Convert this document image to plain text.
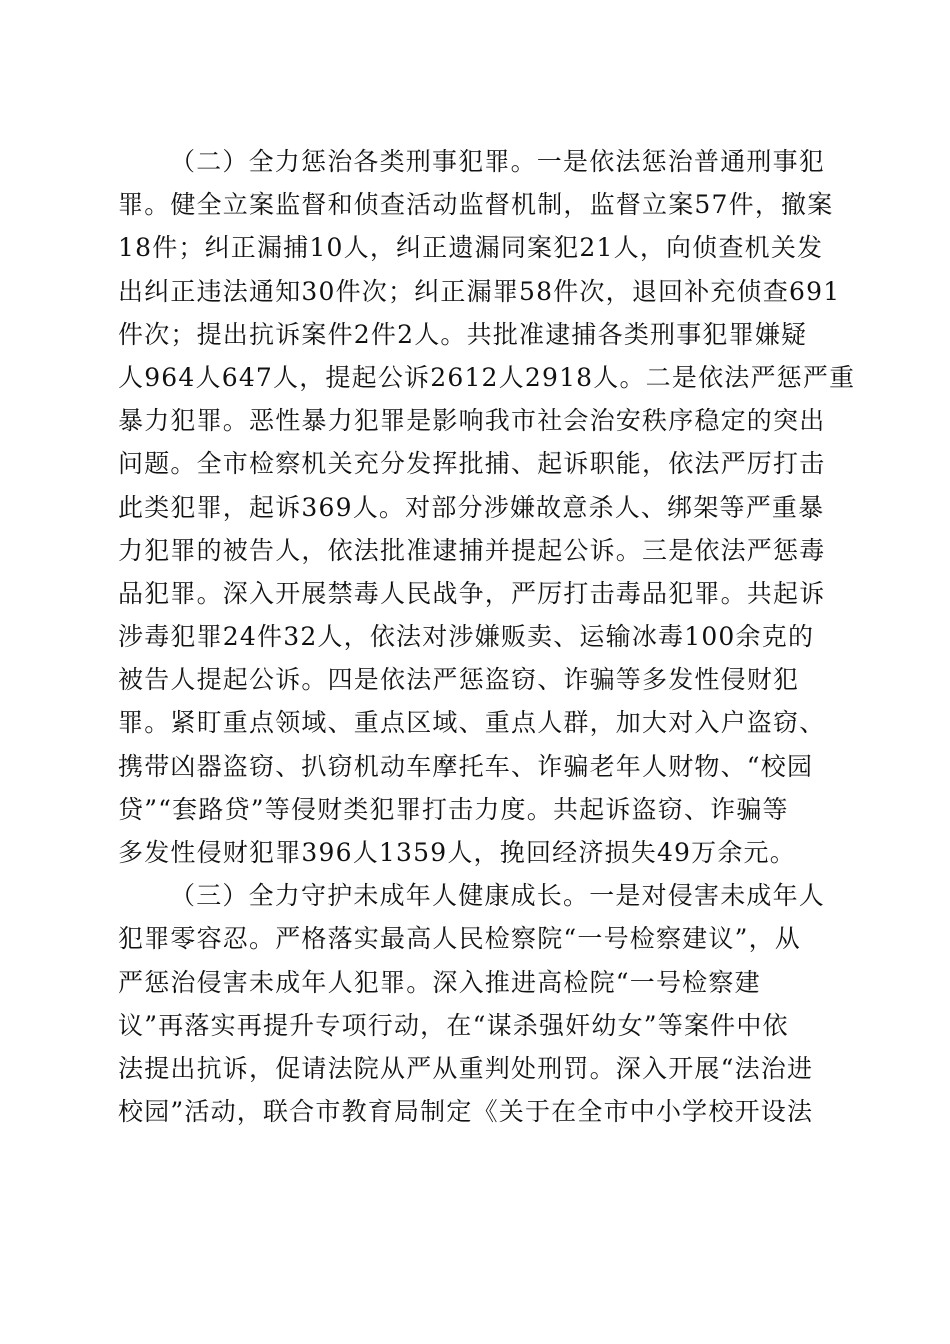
（二）全力惩治各类刑事犯罪。一是依法惩治普通刑事犯
罪。健全立案监督和侦查活动监督机制，监督立案57件，撤案
18件；纠正漏捕10人，纠正遗漏同案犯21人，向侦查机关发
出纠正违法通知30件次；纠正漏罪58件次，退回补充侦查691
件次；提出抗诉案件2件2人。共批准逮捕各类刑事犯罪嫌疑
人964人647人，提起公诉2612人2918人。二是依法严惩严重
暴力犯罪。恶性暴力犯罪是影响我市社会治安秩序稳定的突出
问题。全市检察机关充分发挥批捕、起诉职能，依法严厉打击
此类犯罪，起诉369人。对部分涉嫌故意杀人、绑架等严重暴
力犯罪的被告人，依法批准逮捕并提起公诉。三是依法严惩毒
品犯罪。深入开展禁毒人民战争，严厉打击毒品犯罪。共起诉
涉毒犯罪24件32人，依法对涉嫌贩卖、运输冰毒100余克的
被告人提起公诉。四是依法严惩盗窃、诈骗等多发性侵财犯
罪。紧盯重点领域、重点区域、重点人群，加大对入户盗窃、
携带凶器盗窃、扒窃机动车摩托车、诈骗老年人财物、“校园
贷”“套路贷”等侵财类犯罪打击力度。共起诉盗窃、诈骗等
多发性侵财犯罪396人1359人，挽回经济损失49万余元。
（三）全力守护未成年人健康成长。一是对侵害未成年人
犯罪零容忍。严格落实最高人民检察院“一号检察建议”，从
严惩治侵害未成年人犯罪。深入推进高检院“一号检察建
议”再落实再提升专项行动，在“谋杀强奸幼女”等案件中依
法提出抗诉，促请法院从严从重判处刑罚。深入开展“法治进
校园”活动，联合市教育局制定《关于在全市中小学校开设法
